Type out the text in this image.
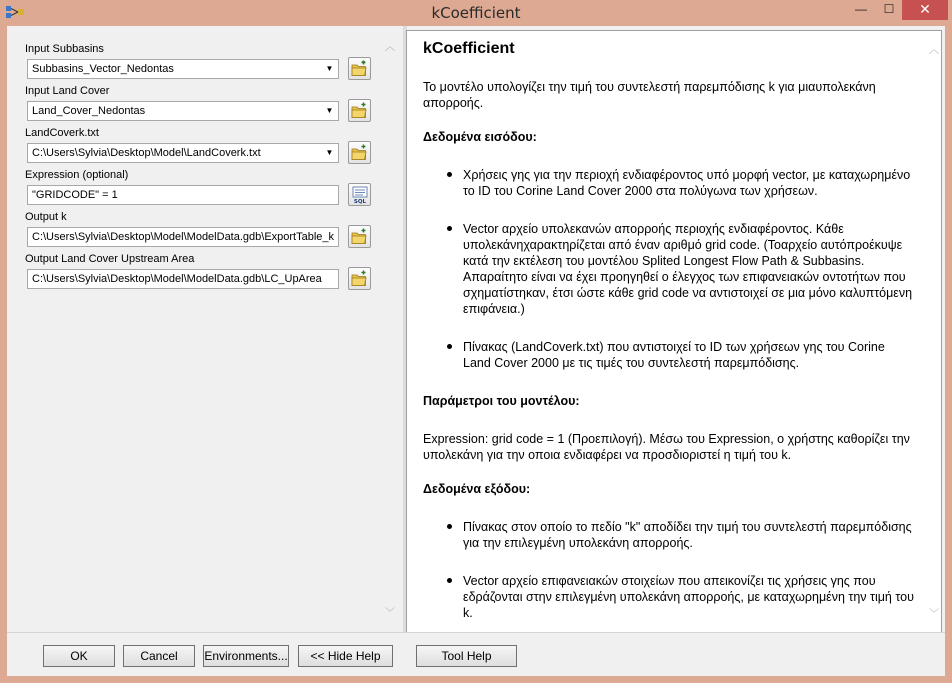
kCoefficient	—	☐	✕
Input Subbasins
Subbasins_Vector_Nedontas	▼
Input Land Cover
Land_Cover_Nedontas	▼
LandCoverk.txt
C:\Users\Sylvia\Desktop\Model\LandCoverk.txt	▼
Expression (optional)
"GRIDCODE" = 1
SQL
Output k
C:\Users\Sylvia\Desktop\Model\ModelData.gdb\ExportTable_k
Output Land Cover Upstream Area
C:\Users\Sylvia\Desktop\Model\ModelData.gdb\LC_UpArea
︿
﹀
kCoefficient
Το μοντέλο υπολογίζει την τιμή του συντελεστή παρεμπόδισης k για μιαυπολεκάνη απορροής.
Δεδομένα εισόδου:
Χρήσεις γης για την περιοχή ενδιαφέροντος υπό μορφή vector, με καταχωρημένο το ID του Corine Land Cover 2000 στα πολύγωνα των χρήσεων.
Vector αρχείο υπολεκανών απορροής περιοχής ενδιαφέροντος. Κάθε υπολεκάνηχαρακτηρίζεται από έναν αριθμό grid code. (Τοαρχείο αυτόπροέκυψε κατά την εκτέλεση του μοντέλου Splited Longest Flow Path & Subbasins. Απαραίτητο είναι να έχει προηγηθεί ο έλεγχος των επιφανειακών οντοτήτων που σχηματίστηκαν, έτσι ώστε κάθε grid code να αντιστοιχεί σε μια μόνο καλυπτόμενη επιφάνεια.)
Πίνακας (LandCoverk.txt) που αντιστοιχεί το ID των χρήσεων γης του Corine Land Cover 2000 με τις τιμές του συντελεστή παρεμπόδισης.
Παράμετροι του μοντέλου:
Expression: grid code = 1 (Προεπιλογή). Μέσω του Expression, ο χρήστης καθορίζει την υπολεκάνη για την οποια ενδιαφέρει να προσδιοριστεί η τιμή του k.
Δεδομένα εξόδου:
Πίνακας στον οποίο το πεδίο "k" αποδίδει την τιμή του συντελεστή παρεμπόδισης για την επιλεγμένη υπολεκάνη απορροής.
Vector αρχείο επιφανειακών στοιχείων που απεικονίζει τις χρήσεις γης που εδράζονται στην επιλεγμένη υπολεκάνη απορροής, με καταχωρημένη την τιμή του k.
︿
﹀
OK	Cancel	Environments...	<< Hide Help	Tool Help
